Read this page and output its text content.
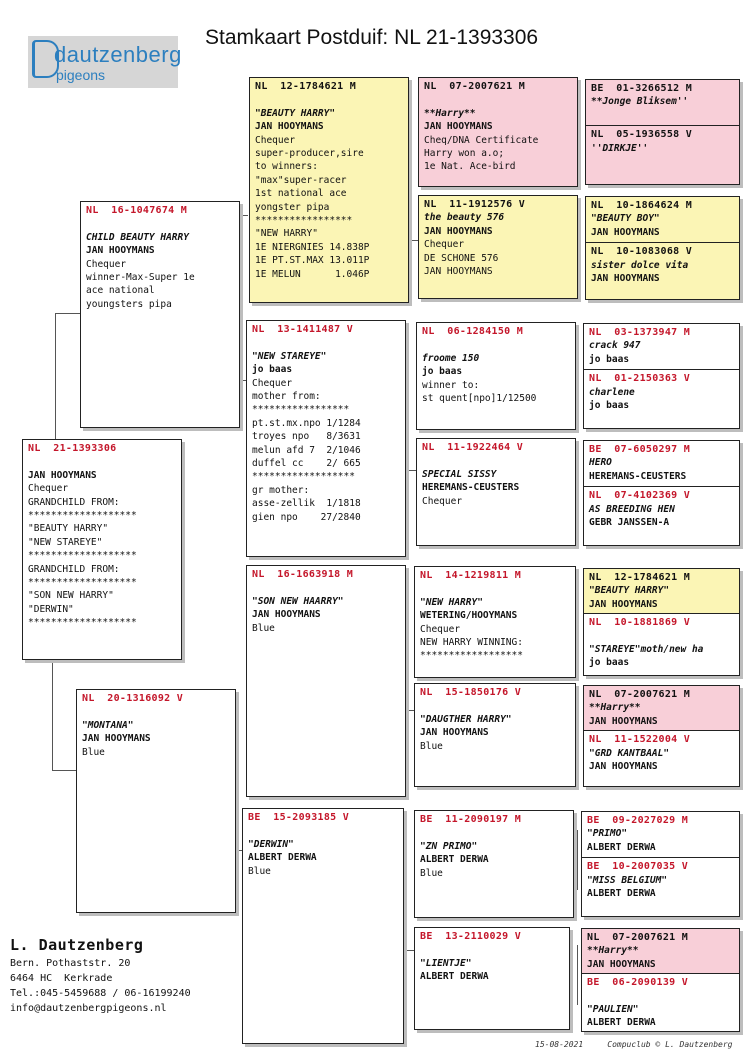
Stamkaart Postduif: NL 21-1393306
dautzenberg
pigeons
NL  21-1393306

JAN HOOYMANS
Chequer
GRANDCHILD FROM:
*******************
"BEAUTY HARRY"
"NEW STAREYE"
*******************
GRANDCHILD FROM:
*******************
"SON NEW HARRY"
"DERWIN"
*******************
NL  16-1047674 M

CHILD BEAUTY HARRY
JAN HOOYMANS
Chequer
winner-Max-Super 1e
ace national
youngsters pipa
NL  20-1316092 V

"MONTANA"
JAN HOOYMANS
Blue
NL  12-1784621 M

"BEAUTY HARRY"
JAN HOOYMANS
Chequer
super-producer,sire
to winners:
"max"super-racer
1st national ace
yongster pipa
*****************
"NEW HARRY"
1E NIERGNIES 14.838P
1E PT.ST.MAX 13.011P
1E MELUN      1.046P
NL  13-1411487 V

"NEW STAREYE"
jo baas
Chequer
mother from:
*****************
pt.st.mx.npo 1/1284
troyes npo   8/3631
melun afd 7  2/1046
duffel cc    2/ 665
******************
gr mother:
asse-zellik  1/1818
gien npo    27/2840
NL  16-1663918 M

"SON NEW HAARRY"
JAN HOOYMANS
Blue
BE  15-2093185 V

"DERWIN"
ALBERT DERWA
Blue
NL  07-2007621 M

**Harry**
JAN HOOYMANS
Cheq/DNA Certificate
Harry won a.o;
1e Nat. Ace-bird
NL  11-1912576 V
the beauty 576
JAN HOOYMANS
Chequer
DE SCHONE 576
JAN HOOYMANS
NL  06-1284150 M

froome 150
jo baas
winner to:
st quent[npo]1/12500
NL  11-1922464 V

SPECIAL SISSY
HEREMANS-CEUSTERS
Chequer
NL  14-1219811 M

"NEW HARRY"
WETERING/HOOYMANS
Chequer
NEW HARRY WINNING:
******************
NL  15-1850176 V

"DAUGTHER HARRY"
JAN HOOYMANS
Blue
BE  11-2090197 M

"ZN PRIMO"
ALBERT DERWA
Blue
BE  13-2110029 V

"LIENTJE"
ALBERT DERWA
BE  01-3266512 M
**Jonge Bliksem''

NL  05-1936558 V
''DIRKJE''
NL  10-1864624 M
"BEAUTY BOY"
JAN HOOYMANS
NL  10-1083068 V
sister dolce vita
JAN HOOYMANS
NL  03-1373947 M
crack 947
jo baas
NL  01-2150363 V
charlene
jo baas
BE  07-6050297 M
HERO
HEREMANS-CEUSTERS
NL  07-4102369 V
AS BREEDING HEN
GEBR JANSSEN-A
NL  12-1784621 M
"BEAUTY HARRY"
JAN HOOYMANS
NL  10-1881869 V

"STAREYE"moth/new ha
jo baas
NL  07-2007621 M
**Harry**
JAN HOOYMANS
NL  11-1522004 V
"GRD KANTBAAL"
JAN HOOYMANS
BE  09-2027029 M
"PRIMO"
ALBERT DERWA
BE  10-2007035 V
"MISS BELGIUM"
ALBERT DERWA
NL  07-2007621 M
**Harry**
JAN HOOYMANS
BE  06-2090139 V

"PAULIEN"
ALBERT DERWA
L. Dautzenberg
Bern. Pothaststr. 20
6464 HC  Kerkrade
Tel.:045-5459688 / 06-16199240
info@dautzenbergpigeons.nl
15-08-2021	Compuclub © L. Dautzenberg
